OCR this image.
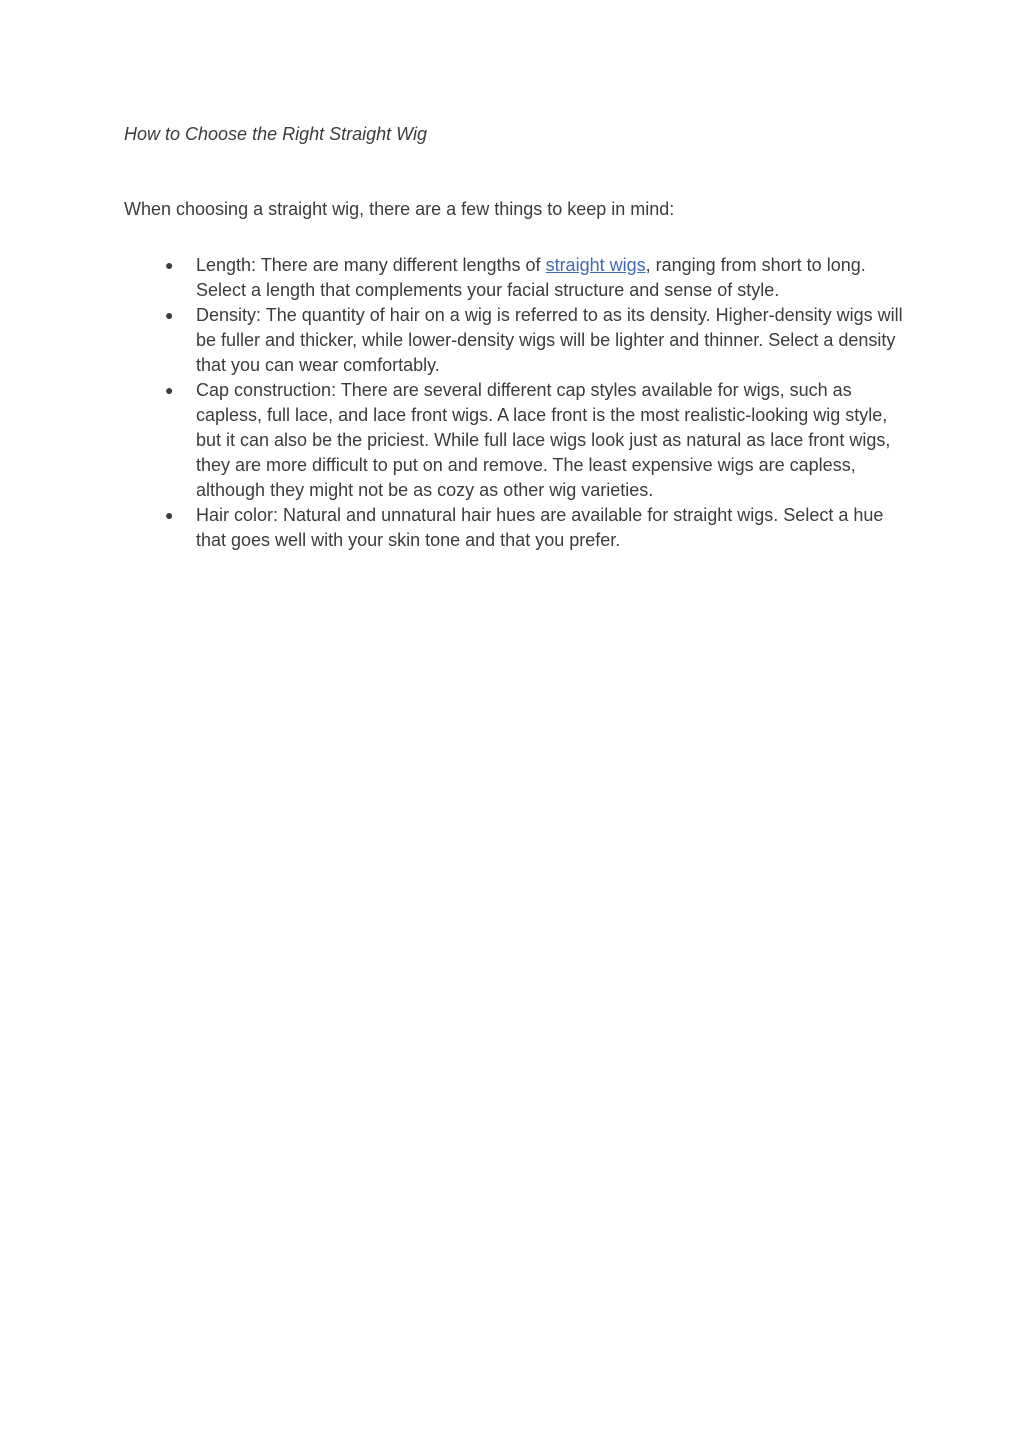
How to Choose the Right Straight Wig

When choosing a straight wig, there are a few things to keep in mind:

● Length: There are many different lengths of straight wigs, ranging from short to long. Select a length that complements your facial structure and sense of style.
● Density: The quantity of hair on a wig is referred to as its density. Higher-density wigs will be fuller and thicker, while lower-density wigs will be lighter and thinner. Select a density that you can wear comfortably.
● Cap construction: There are several different cap styles available for wigs, such as capless, full lace, and lace front wigs. A lace front is the most realistic-looking wig style, but it can also be the priciest. While full lace wigs look just as natural as lace front wigs, they are more difficult to put on and remove. The least expensive wigs are capless, although they might not be as cozy as other wig varieties.
● Hair color: Natural and unnatural hair hues are available for straight wigs. Select a hue that goes well with your skin tone and that you prefer.
